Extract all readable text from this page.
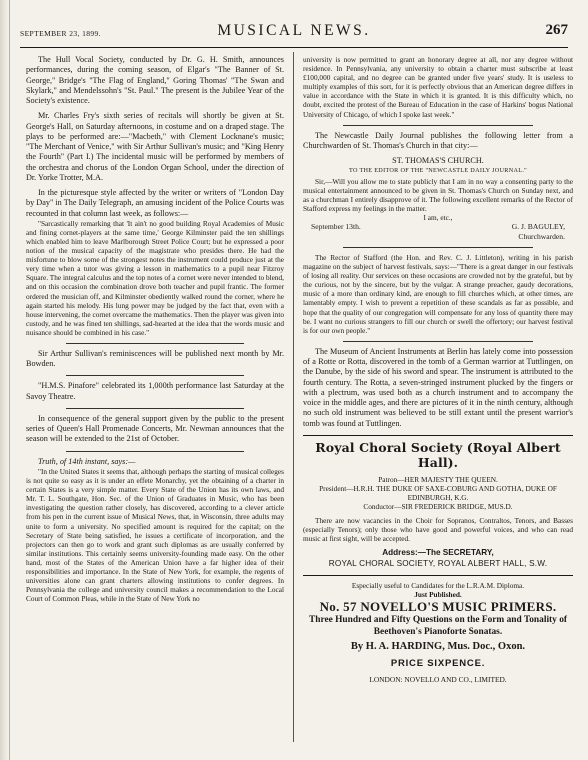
SEPTEMBER 23, 1899.	MUSICAL NEWS.	267

The Hull Vocal Society, conducted by Dr. G. H. Smith, announces performances, during the coming season, of Elgar's "The Banner of St. George," Bridge's "The Flag of England," Goring Thomas' "The Swan and Skylark," and Mendelssohn's "St. Paul." The present is the Jubilee Year of the Society's existence.

Mr. Charles Fry's sixth series of recitals will shortly be given at St. George's Hall, on Saturday afternoons, in costume and on a draped stage. The plays to be performed are:—"Macbeth," with Clement Locknane's music; "The Merchant of Venice," with Sir Arthur Sullivan's music; and "King Henry the Fourth" (Part I.) The incidental music will be performed by members of the orchestra and chorus of the London Organ School, under the direction of Dr. Yorke Trotter, M.A.

In the picturesque style affected by the writer or writers of "London Day by Day" in The Daily Telegraph, an amusing incident of the Police Courts was recounted in that column last week, as follows:—

"Sarcastically remarking that 'It ain't no good building Royal Academies of Music and fining cornet-players at the same time,' George Kilminster paid the ten shillings which enabled him to leave Marlborough Street Police Court; but he expressed a poor notion of the musical capacity of the magistrate who presides there. He had the misfortune to blow some of the strongest notes the instrument could produce just at the very time when a tutor was giving a lesson in mathematics to a pupil near Fitzroy Square. The integral calculus and the top notes of a cornet were never intended to blend, and on this occasion the combination drove both teacher and pupil frantic. The former ordered the musician off, and Kilminster obediently walked round the corner, where he again started his melody. His lung power may be judged by the fact that, even with a house intervening, the cornet overcame the mathematics. Then the player was given into custody, and he was fined ten shillings, sad-hearted at the idea that the words music and nuisance should be combined in his case."

Sir Arthur Sullivan's reminiscences will be published next month by Mr. Bowden.

"H.M.S. Pinafore" celebrated its 1,000th performance last Saturday at the Savoy Theatre.

In consequence of the general support given by the public to the present series of Queen's Hall Promenade Concerts, Mr. Newman announces that the season will be extended to the 21st of October.

Truth, of 14th instant, says:—

"In the United States it seems that, although perhaps the starting of musical colleges is not quite so easy as it is under an effete Monarchy, yet the obtaining of a charter in certain States is a very simple matter. Every State of the Union has its own laws, and Mr. T. L. Southgate, Hon. Sec. of the Union of Graduates in Music, who has been investigating the question rather closely, has discovered, according to a clever article from his pen in the current issue of Musical News, that, in Wisconsin, three adults may unite to form a university. No specified amount is required for the capital; on the Secretary of State being satisfied, he issues a certificate of incorporation, and the projectors can then go to work and grant such diplomas as are usually conferred by similar institutions. This certainly seems university-founding made easy. On the other hand, most of the States of the American Union have a far higher idea of their responsibilities and importance. In the State of New York, for example, the regents of universities alone can grant charters allowing institutions to confer degrees. In Pennsylvania the college and university council makes a recommendation to the Local Court of Common Pleas, while in the State of New York no

university is now permitted to grant an honorary degree at all, nor any degree without residence. In Pennsylvania, any university to obtain a charter must subscribe at least £100,000 capital, and no degree can be granted under five years' study. It is useless to multiply examples of this sort, for it is perfectly obvious that an American degree differs in value in accordance with the State in which it is granted. It is this difficulty which, no doubt, excited the protest of the Bureau of Education in the case of Harkins' bogus National University of Chicago, of which I spoke last week."

The Newcastle Daily Journal publishes the following letter from a Churchwarden of St. Thomas's Church in that city:—

ST. THOMAS'S CHURCH.

TO THE EDITOR OF THE "NEWCASTLE DAILY JOURNAL."

Sir,—Will you allow me to state publicly that I am in no way a consenting party to the musical entertainment announced to be given in St. Thomas's Church on Sunday next, and as a churchman I entirely disapprove of it. The following excellent remarks of the Rector of Stafford express my feelings in the matter.

I am, etc.,

September 13th.	G. J. BAGULEY,
Churchwarden.

The Rector of Stafford (the Hon. and Rev. C. J. Littleton), writing in his parish magazine on the subject of harvest festivals, says:—"There is a great danger in our festivals of losing all reality. Our services on these occasions are crowded not by the grateful, but by the curious, not by the sincere, but by the vulgar. A strange preacher, gaudy decorations, music of a more than ordinary kind, are enough to fill churches which, at other times, are lamentably empty. I wish to prevent a repetition of these scandals as far as possible, and hope that the quality of our congregation will compensate for any loss of quantity there may be. I want no curious strangers to fill our church or swell the offertory; our harvest festival is for our own people."

The Museum of Ancient Instruments at Berlin has lately come into possession of a Rotte or Rotta, discovered in the tomb of a German warrior at Tuttlingen, on the Danube, by the side of his sword and spear. The instrument is attributed to the fourth century. The Rotta, a seven-stringed instrument plucked by the fingers or with a plectrum, was used both as a church instrument and to accompany the voice in the middle ages, and there are pictures of it in the ninth century, although no such old instrument was believed to be still extant until the present warrior's tomb was found at Tuttlingen.

Royal Choral Society (Royal Albert Hall).

Patron—HER MAJESTY THE QUEEN.

President—H.R.H. THE DUKE OF SAXE-COBURG AND GOTHA, DUKE OF EDINBURGH, K.G.

Conductor—SIR FREDERICK BRIDGE, MUS.D.

There are now vacancies in the Choir for Sopranos, Contraltos, Tenors, and Basses (especially Tenors); only those who have good and powerful voices, and who can read music at first sight, will be accepted.

Address:—The SECRETARY,

ROYAL CHORAL SOCIETY, ROYAL ALBERT HALL, S.W.

Especially useful to Candidates for the L.R.A.M. Diploma.

Just Published.

No. 57 NOVELLO'S MUSIC PRIMERS.

Three Hundred and Fifty Questions on the Form and Tonality of Beethoven's Pianoforte Sonatas.

By H. A. HARDING, Mus. Doc., Oxon.

PRICE SIXPENCE.

LONDON: NOVELLO AND CO., LIMITED.
